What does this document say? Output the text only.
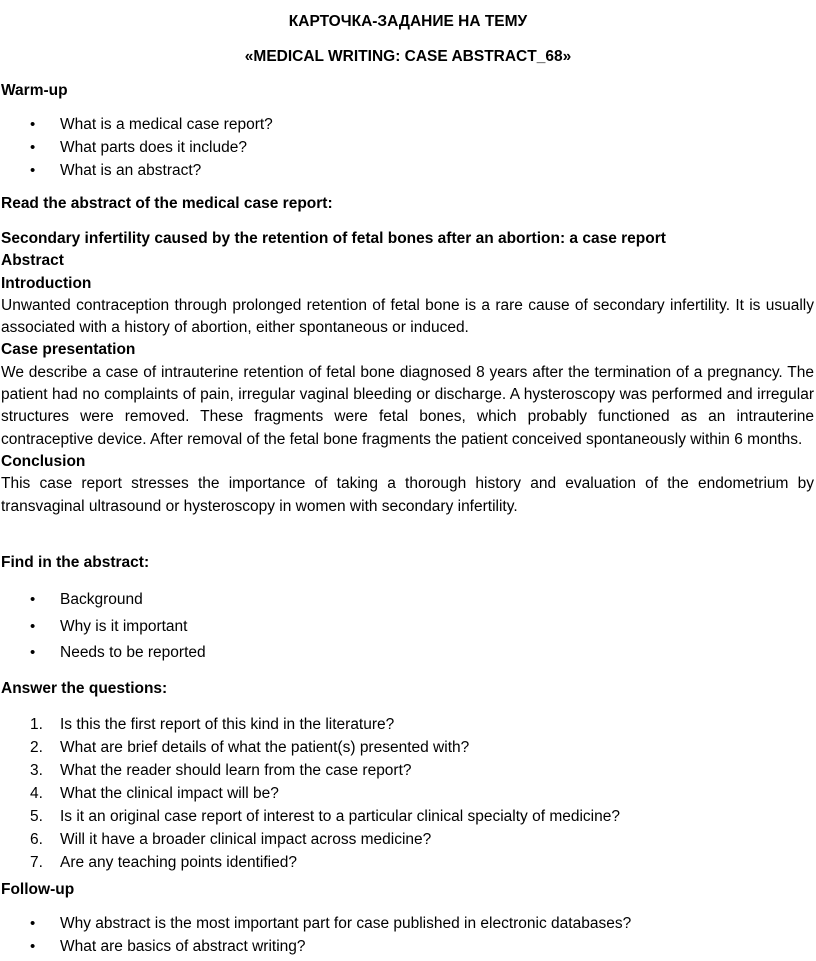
КАРТОЧКА-ЗАДАНИЕ НА ТЕМУ
«MEDICAL WRITING: CASE ABSTRACT_68»
Warm-up
• What is a medical case report?
• What parts does it include?
• What is an abstract?
Read the abstract of the medical case report:
Secondary infertility caused by the retention of fetal bones after an abortion: a case report
Abstract
Introduction
Unwanted contraception through prolonged retention of fetal bone is a rare cause of secondary infertility. It is usually associated with a history of abortion, either spontaneous or induced.
Case presentation
We describe a case of intrauterine retention of fetal bone diagnosed 8 years after the termination of a pregnancy. The patient had no complaints of pain, irregular vaginal bleeding or discharge. A hysteroscopy was performed and irregular structures were removed. These fragments were fetal bones, which probably functioned as an intrauterine contraceptive device. After removal of the fetal bone fragments the patient conceived spontaneously within 6 months.
Conclusion
This case report stresses the importance of taking a thorough history and evaluation of the endometrium by transvaginal ultrasound or hysteroscopy in women with secondary infertility.
Find in the abstract:
• Background
• Why is it important
• Needs to be reported
Answer the questions:
1. Is this the first report of this kind in the literature?
2. What are brief details of what the patient(s) presented with?
3. What the reader should learn from the case report?
4. What the clinical impact will be?
5. Is it an original case report of interest to a particular clinical specialty of medicine?
6. Will it have a broader clinical impact across medicine?
7. Are any teaching points identified?
Follow-up
• Why abstract is the most important part for case published in electronic databases?
• What are basics of abstract writing?
